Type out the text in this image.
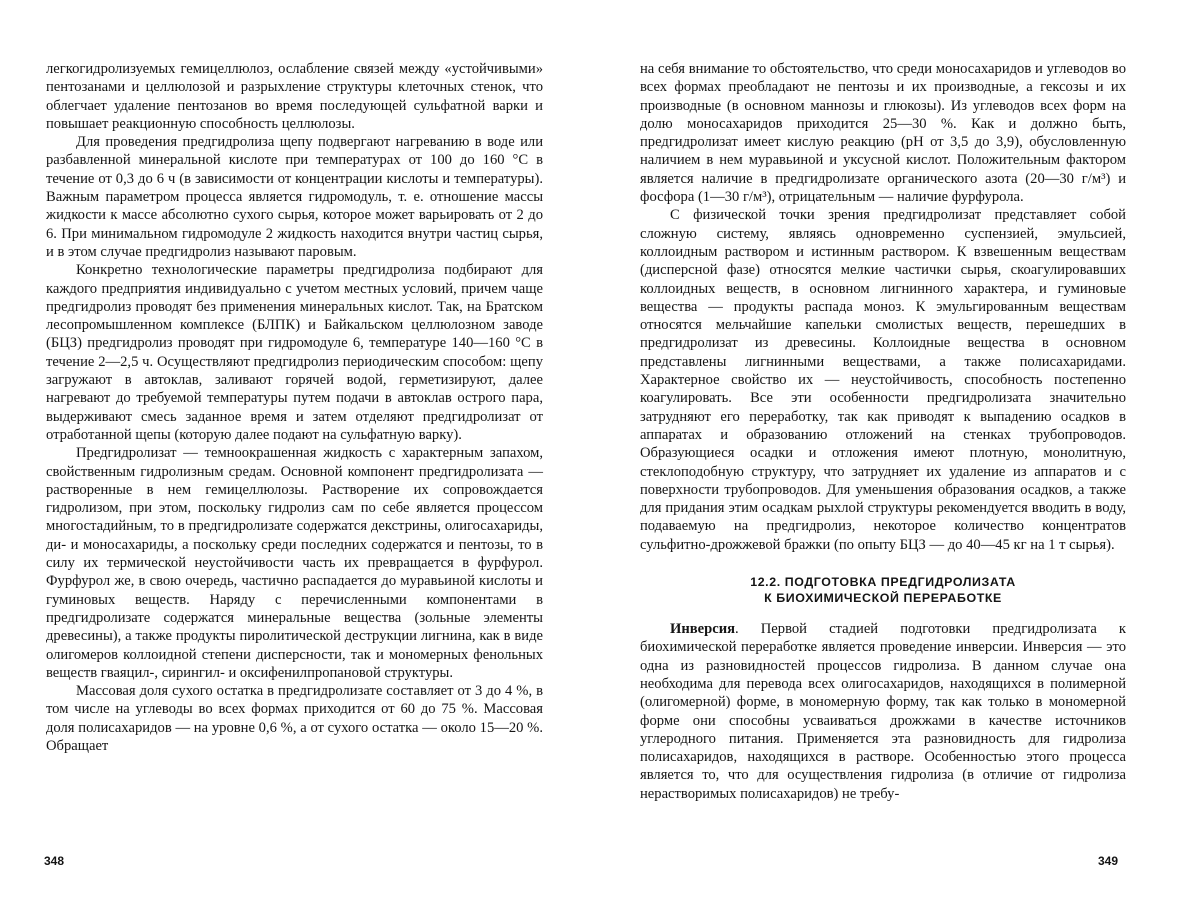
легкогидролизуемых гемицеллюлоз, ослабление связей между «устойчивыми» пентозанами и целлюлозой и разрыхление структуры клеточных стенок, что облегчает удаление пентозанов во время последующей сульфатной варки и повышает реакционную способность целлюлозы.

Для проведения предгидролиза щепу подвергают нагреванию в воде или разбавленной минеральной кислоте при температурах от 100 до 160 °С в течение от 0,3 до 6 ч (в зависимости от концентрации кислоты и температуры). Важным параметром процесса является гидромодуль, т. е. отношение массы жидкости к массе абсолютно сухого сырья, которое может варьировать от 2 до 6. При минимальном гидромодуле 2 жидкость находится внутри частиц сырья, и в этом случае предгидролиз называют паровым.

Конкретно технологические параметры предгидролиза подбирают для каждого предприятия индивидуально с учетом местных условий, причем чаще предгидролиз проводят без применения минеральных кислот. Так, на Братском лесопромышленном комплексе (БЛПК) и Байкальском целлюлозном заводе (БЦЗ) предгидролиз проводят при гидромодуле 6, температуре 140—160 °С в течение 2—2,5 ч. Осуществляют предгидролиз периодическим способом: щепу загружают в автоклав, заливают горячей водой, герметизируют, далее нагревают до требуемой температуры путем подачи в автоклав острого пара, выдерживают смесь заданное время и затем отделяют предгидролизат от отработанной щепы (которую далее подают на сульфатную варку).

Предгидролизат — темноокрашенная жидкость с характерным запахом, свойственным гидролизным средам. Основной компонент предгидролизата — растворенные в нем гемицеллюлозы. Растворение их сопровождается гидролизом, при этом, поскольку гидролиз сам по себе является процессом многостадийным, то в предгидролизате содержатся декстрины, олигосахариды, ди- и моносахариды, а поскольку среди последних содержатся и пентозы, то в силу их термической неустойчивости часть их превращается в фурфурол. Фурфурол же, в свою очередь, частично распадается до муравьиной кислоты и гуминовых веществ. Наряду с перечисленными компонентами в предгидролизате содержатся минеральные вещества (зольные элементы древесины), а также продукты пиролитической деструкции лигнина, как в виде олигомеров коллоидной степени дисперсности, так и мономерных фенольных веществ гваяцил-, сирингил- и оксифенилпропановой структуры.

Массовая доля сухого остатка в предгидролизате составляет от 3 до 4 %, в том числе на углеводы во всех формах приходится от 60 до 75 %. Массовая доля полисахаридов — на уровне 0,6 %, а от сухого остатка — около 15—20 %. Обращает

348

на себя внимание то обстоятельство, что среди моносахаридов и углеводов во всех формах преобладают не пентозы и их производные, а гексозы и их производные (в основном маннозы и глюкозы). Из углеводов всех форм на долю моносахаридов приходится 25—30 %. Как и должно быть, предгидролизат имеет кислую реакцию (рН от 3,5 до 3,9), обусловленную наличием в нем муравьиной и уксусной кислот. Положительным фактором является наличие в предгидролизате органического азота (20—30 г/м³) и фосфора (1—30 г/м³), отрицательным — наличие фурфурола.

С физической точки зрения предгидролизат представляет собой сложную систему, являясь одновременно суспензией, эмульсией, коллоидным раствором и истинным раствором. К взвешенным веществам (дисперсной фазе) относятся мелкие частички сырья, скоагулировавших коллоидных веществ, в основном лигнинного характера, и гуминовые вещества — продукты распада моноз. К эмульгированным веществам относятся мельчайшие капельки смолистых веществ, перешедших в предгидролизат из древесины. Коллоидные вещества в основном представлены лигнинными веществами, а также полисахаридами. Характерное свойство их — неустойчивость, способность постепенно коагулировать. Все эти особенности предгидролизата значительно затрудняют его переработку, так как приводят к выпадению осадков в аппаратах и образованию отложений на стенках трубопроводов. Образующиеся осадки и отложения имеют плотную, монолитную, стеклоподобную структуру, что затрудняет их удаление из аппаратов и с поверхности трубопроводов. Для уменьшения образования осадков, а также для придания этим осадкам рыхлой структуры рекомендуется вводить в воду, подаваемую на предгидролиз, некоторое количество концентратов сульфитно-дрожжевой бражки (по опыту БЦЗ — до 40—45 кг на 1 т сырья).

12.2. ПОДГОТОВКА ПРЕДГИДРОЛИЗАТА
К БИОХИМИЧЕСКОЙ ПЕРЕРАБОТКЕ

Инверсия. Первой стадией подготовки предгидролизата к биохимической переработке является проведение инверсии. Инверсия — это одна из разновидностей процессов гидролиза. В данном случае она необходима для перевода всех олигосахаридов, находящихся в полимерной (олигомерной) форме, в мономерную форму, так как только в мономерной форме они способны усваиваться дрожжами в качестве источников углеродного питания. Применяется эта разновидность для гидролиза полисахаридов, находящихся в растворе. Особенностью этого процесса является то, что для осуществления гидролиза (в отличие от гидролиза нерастворимых полисахаридов) не требу-

349
